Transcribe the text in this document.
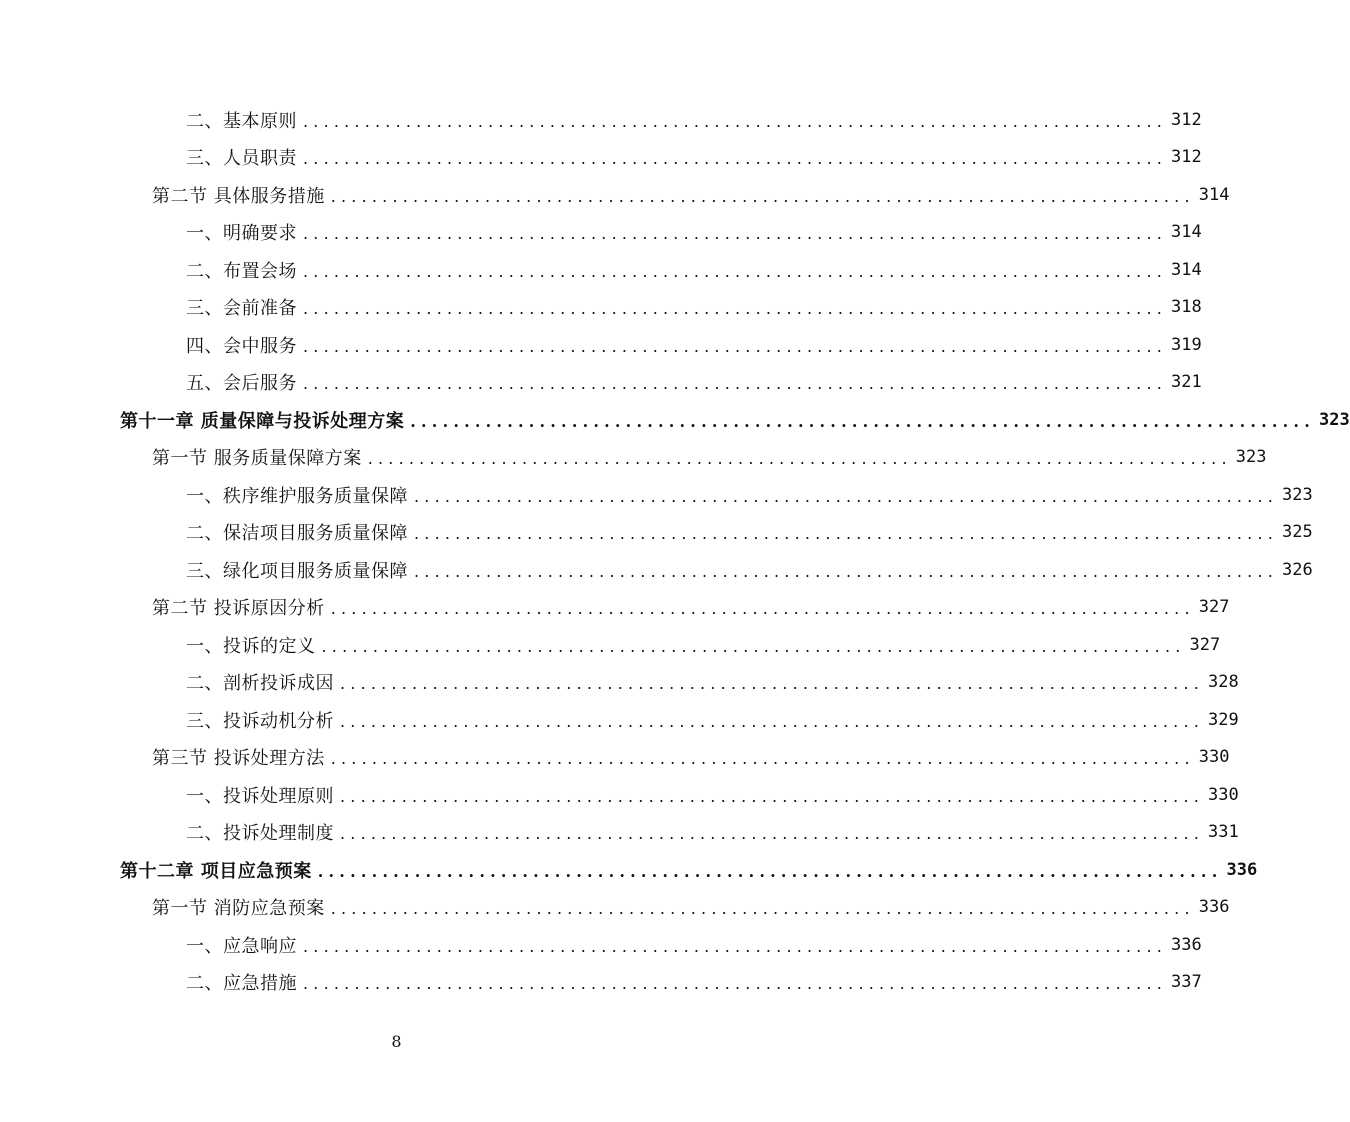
二、基本原则 .................................................................................... 312
三、人员职责 .................................................................................... 312
第二节 具体服务措施 .................................................................................... 314
一、明确要求 .................................................................................... 314
二、布置会场 .................................................................................... 314
三、会前准备 .................................................................................... 318
四、会中服务 .................................................................................... 319
五、会后服务 .................................................................................... 321
第十一章 质量保障与投诉处理方案 .................................................................................... 323
第一节 服务质量保障方案 .................................................................................... 323
一、秩序维护服务质量保障 .................................................................................... 323
二、保洁项目服务质量保障 .................................................................................... 325
三、绿化项目服务质量保障 .................................................................................... 326
第二节 投诉原因分析 .................................................................................... 327
一、投诉的定义 .................................................................................... 327
二、剖析投诉成因 .................................................................................... 328
三、投诉动机分析 .................................................................................... 329
第三节 投诉处理方法 .................................................................................... 330
一、投诉处理原则 .................................................................................... 330
二、投诉处理制度 .................................................................................... 331
第十二章 项目应急预案 .................................................................................... 336
第一节 消防应急预案 .................................................................................... 336
一、应急响应 .................................................................................... 336
二、应急措施 .................................................................................... 337
8
